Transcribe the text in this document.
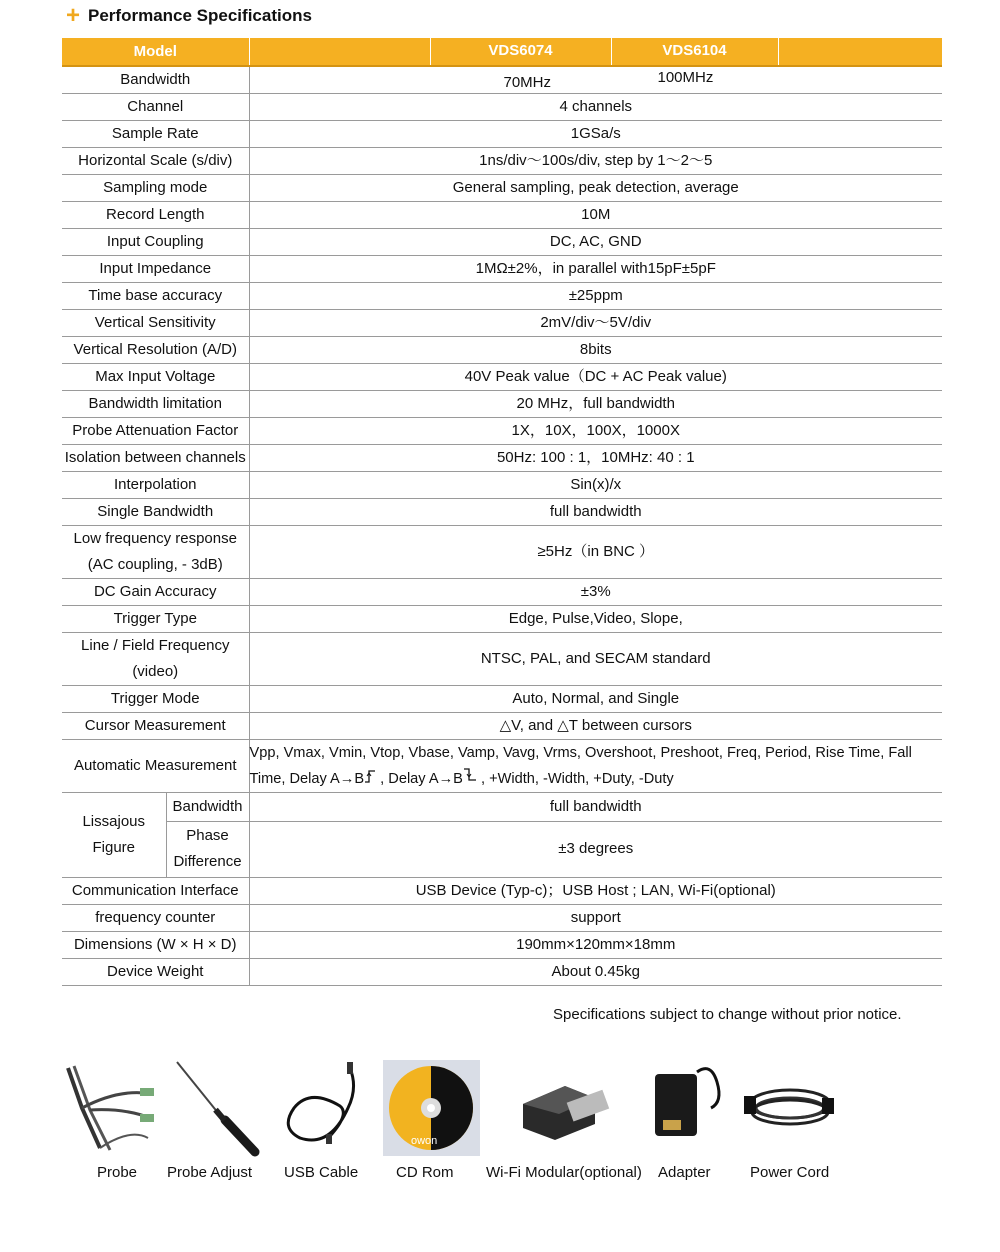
+ Performance Specifications
Model		VDS6074 VDS6104

Bandwidth		70MHz 100MHz

Channel		4 channels
Sample Rate		1GSa/s
Horizontal Scale (s/div)		1ns/div～100s/div, step by 1～2～5
Sampling mode		General sampling, peak detection, average
Record Length		10M
Input Coupling		DC, AC, GND
Input Impedance		1MΩ±2%，in parallel with15pF±5pF
Time base accuracy		±25ppm
Vertical Sensitivity		2mV/div～5V/div
Vertical Resolution (A/D)		8bits
Max Input Voltage		40V Peak value（DC + AC Peak value)
Bandwidth limitation		20 MHz，full bandwidth
Probe Attenuation Factor		1X，10X，100X，1000X
Isolation between channels		50Hz: 100 : 1，10MHz: 40 : 1
Interpolation		Sin(x)/x
Single Bandwidth		full bandwidth

Low frequency response
(AC coupling, - 3dB)		≥5Hz（in BNC ）
DC Gain Accuracy		±3%
Trigger Type		Edge, Pulse,Video, Slope,

Line / Field Frequency
(video)		NTSC, PAL, and SECAM standard
Trigger Mode		Auto, Normal, and Single
Cursor Measurement		△V, and △T between cursors
Automatic Measurement		Vpp, Vmax, Vmin, Vtop, Vbase, Vamp, Vavg, Vrms, Overshoot, Preshoot, Freq, Period, Rise Time, Fall
Time, Delay A→B , Delay A→B , +Width, -Width, +Duty, -Duty

Lissajous
Figure	Bandwidth	full bandwidth

	Phase
Difference	±3 degrees
Communication Interface		USB Device (Typ-c)；USB Host ; LAN, Wi-Fi(optional)
frequency counter		support
Dimensions (W × H × D)		190mm×120mm×18mm
Device Weight		About 0.45kg
Specifications subject to change without prior notice.
Probe Probe Adjust USB Cable
owon
CD Rom Wi-Fi Modular(optional) Adapter	Power Cord
